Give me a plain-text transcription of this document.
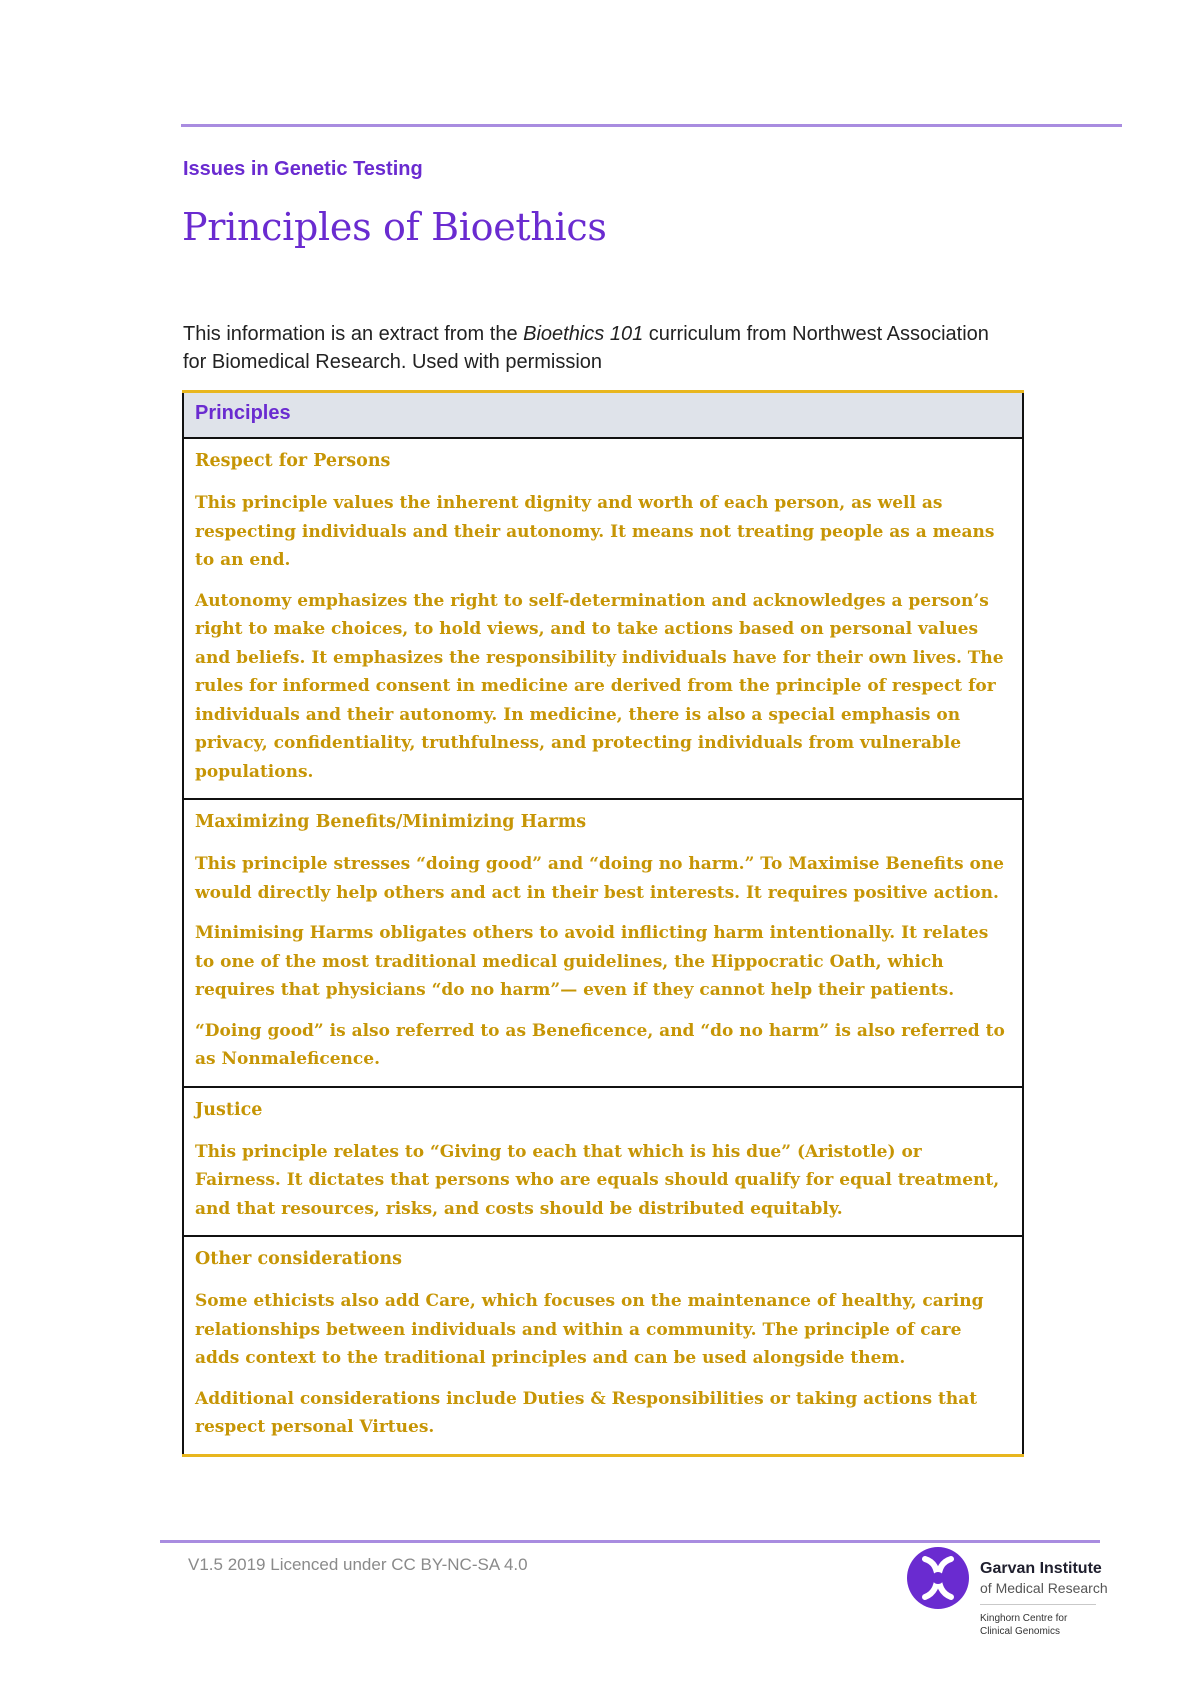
Issues in Genetic Testing

Principles of Bioethics

This information is an extract from the Bioethics 101 curriculum from Northwest Association for Biomedical Research. Used with permission

Principles

Respect for Persons

This principle values the inherent dignity and worth of each person, as well as respecting individuals and their autonomy. It means not treating people as a means to an end.

Autonomy emphasizes the right to self-determination and acknowledges a person’s right to make choices, to hold views, and to take actions based on personal values and beliefs. It emphasizes the responsibility individuals have for their own lives. The rules for informed consent in medicine are derived from the principle of respect for individuals and their autonomy. In medicine, there is also a special emphasis on privacy, confidentiality, truthfulness, and protecting individuals from vulnerable populations.

Maximizing Benefits/Minimizing Harms

This principle stresses “doing good” and “doing no harm.” To Maximise Benefits one would directly help others and act in their best interests. It requires positive action.

Minimising Harms obligates others to avoid inflicting harm intentionally. It relates to one of the most traditional medical guidelines, the Hippocratic Oath, which requires that physicians “do no harm”— even if they cannot help their patients.

“Doing good” is also referred to as Beneficence, and “do no harm” is also referred to as Nonmaleficence.

Justice

This principle relates to “Giving to each that which is his due” (Aristotle) or Fairness. It dictates that persons who are equals should qualify for equal treatment, and that resources, risks, and costs should be distributed equitably.

Other considerations

Some ethicists also add Care, which focuses on the maintenance of healthy, caring relationships between individuals and within a community. The principle of care adds context to the traditional principles and can be used alongside them.

Additional considerations include Duties & Responsibilities or taking actions that respect personal Virtues.

V1.5 2019 Licenced under CC BY-NC-SA 4.0	Garvan Institute

of Medical Research

Kinghorn Centre for
Clinical Genomics
